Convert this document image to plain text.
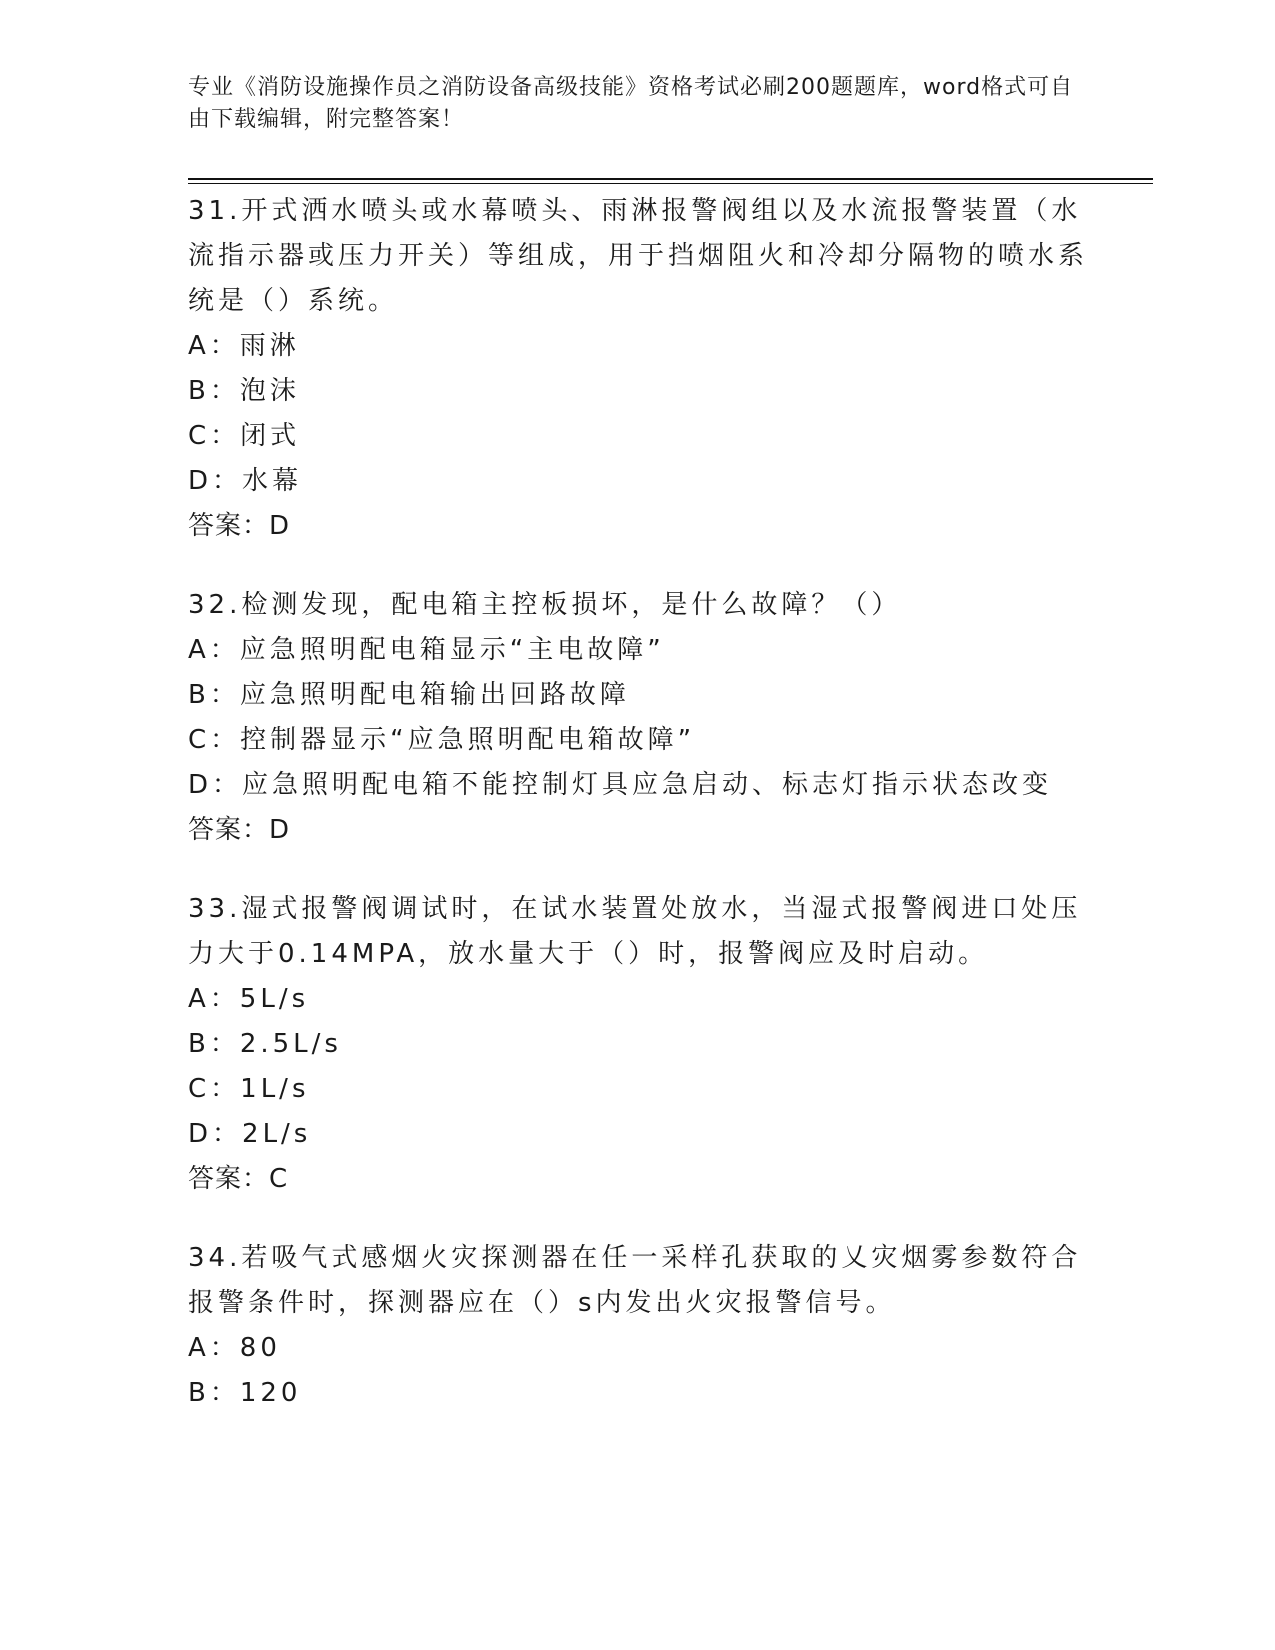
专业《消防设施操作员之消防设备高级技能》资格考试必刷200题题库，word格式可自由下载编辑，附完整答案！

31.开式洒水喷头或水幕喷头、雨淋报警阀组以及水流报警装置（水流指示器或压力开关）等组成，用于挡烟阻火和冷却分隔物的喷水系统是（）系统。

A：雨淋

B：泡沫

C：闭式

D：水幕

答案：D

32.检测发现，配电箱主控板损坏，是什么故障？（）

A：应急照明配电箱显示“主电故障”

B：应急照明配电箱输出回路故障

C：控制器显示“应急照明配电箱故障”

D：应急照明配电箱不能控制灯具应急启动、标志灯指示状态改变

答案：D

33.湿式报警阀调试时，在试水装置处放水，当湿式报警阀进口处压力大于0.14MPA，放水量大于（）时，报警阀应及时启动。

A：5L/s

B：2.5L/s

C：1L/s

D：2L/s

答案：C

34.若吸气式感烟火灾探测器在任一采样孔获取的乂灾烟雾参数符合报警条件时，探测器应在（）s内发出火灾报警信号。

A：80

B：120
